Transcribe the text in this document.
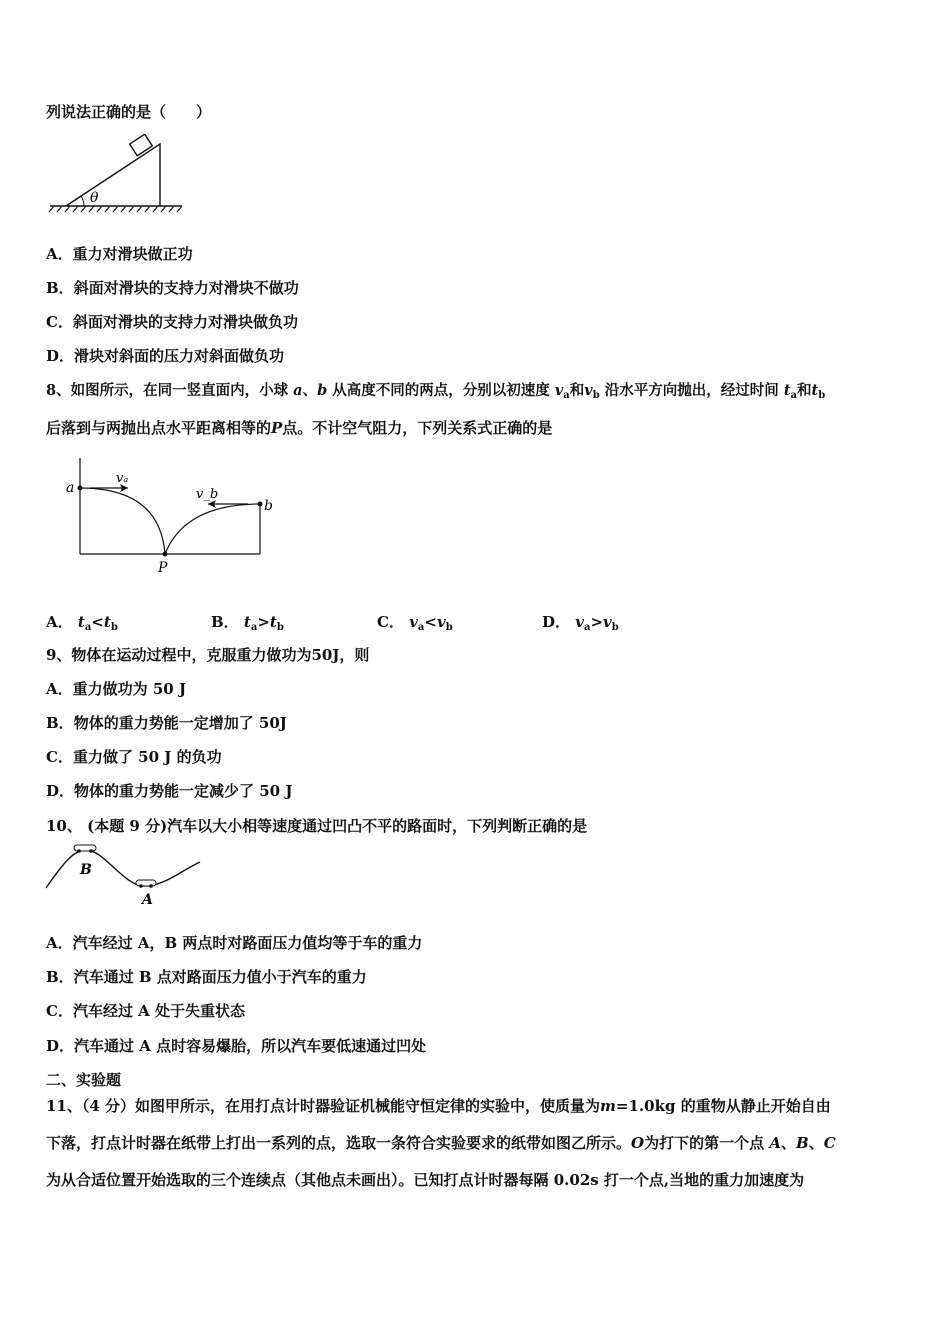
列说法正确的是（　　）
θ
A．重力对滑块做正功
B．斜面对滑块的支持力对滑块不做功
C．斜面对滑块的支持力对滑块做负功
D．滑块对斜面的压力对斜面做负功
8、如图所示，在同一竖直面内，小球 a、b 从高度不同的两点，分别以初速度 $v_a$和$v_b$ 沿水平方向抛出，经过时间 $t_a$和$t_b$
后落到与两抛出点水平距离相等的P点。不计空气阻力，下列关系式正确的是
a
b
vₐ
v_b
P
A． $t_a<t_b$	B． $t_a>t_b$	C． $v_a<v_b$	D． $v_a>v_b$
9、物体在运动过程中，克服重力做功为50J，则
A．重力做功为 50 J
B．物体的重力势能一定增加了 50J
C．重力做了 50 J 的负功
D．物体的重力势能一定减少了 50 J
10、 (本题 9 分)汽车以大小相等速度通过凹凸不平的路面时，下列判断正确的是
B
A
A．汽车经过 A，B 两点时对路面压力值均等于车的重力
B．汽车通过 B 点对路面压力值小于汽车的重力
C．汽车经过 A 处于失重状态
D．汽车通过 A 点时容易爆胎，所以汽车要低速通过凹处
二、实验题
11、（4 分）如图甲所示，在用打点计时器验证机械能守恒定律的实验中，使质量为m=1.0kg 的重物从静止开始自由
下落，打点计时器在纸带上打出一系列的点，选取一条符合实验要求的纸带如图乙所示。O为打下的第一个点 A、B、C
为从合适位置开始选取的三个连续点（其他点未画出）。已知打点计时器每隔 0.02s 打一个点,当地的重力加速度为
